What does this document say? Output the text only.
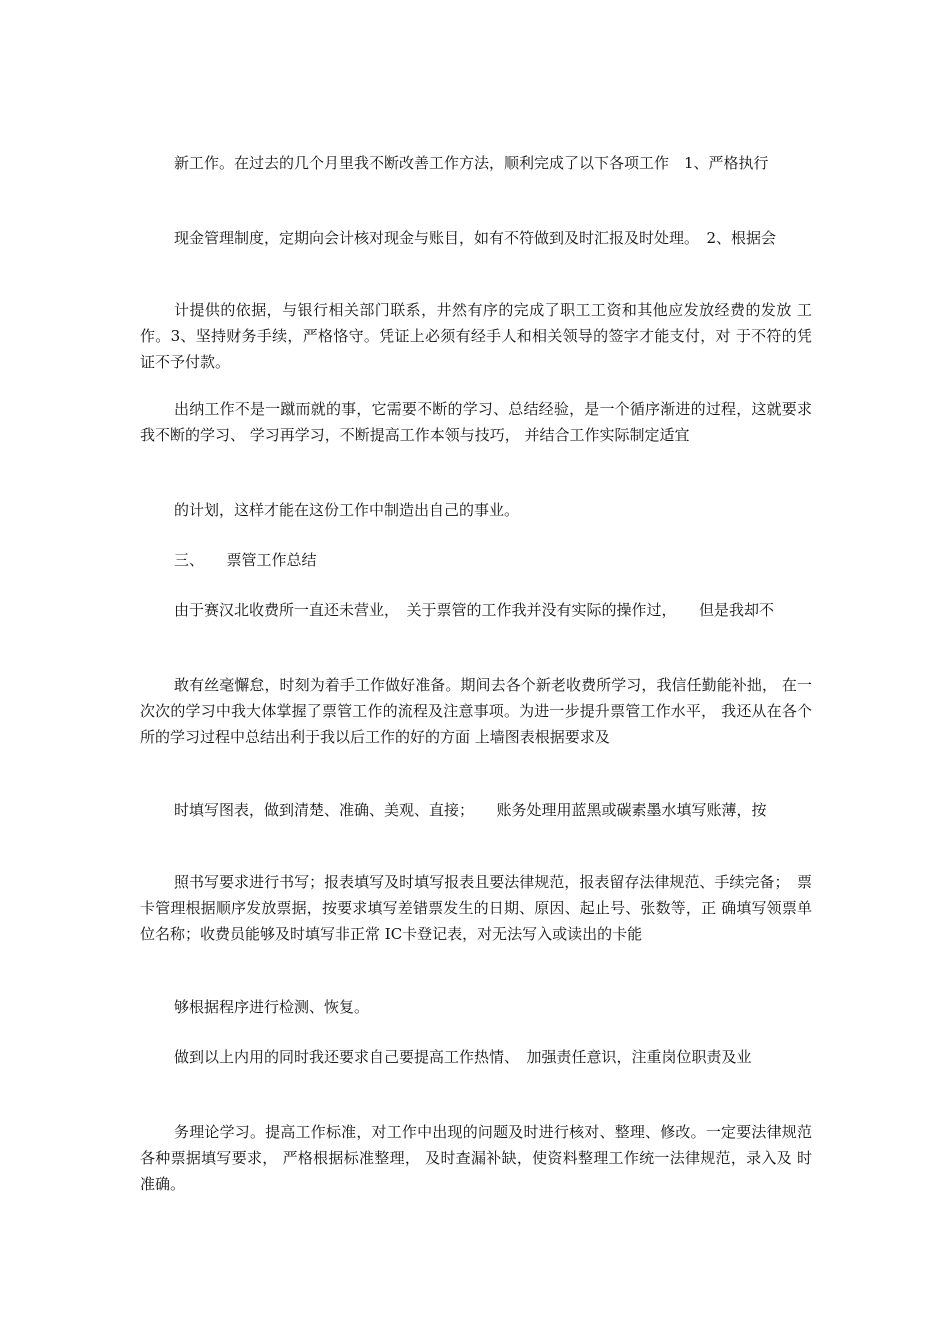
新工作。在过去的几个月里我不断改善工作方法，顺利完成了以下各项工作　1、严格执行

现金管理制度，定期向会计核对现金与账目，如有不符做到及时汇报及时处理。　2、根据会

计提供的依据，与银行相关部门联系，井然有序的完成了职工工资和其他应发放经费的发放 工作。3、坚持财务手续，严格恪守。凭证上必须有经手人和相关领导的签字才能支付，对 于不符的凭证不予付款。

出纳工作不是一蹴而就的事，它需要不断的学习、总结经验，是一个循序渐进的过程，这就要求我不断的学习、 学习再学习，不断提高工作本领与技巧， 并结合工作实际制定适宜

的计划，这样才能在这份工作中制造出自己的事业。

三、　　票管工作总结

由于赛汉北收费所一直还未营业，　关于票管的工作我并没有实际的操作过，　　但是我却不

敢有丝毫懈怠，时刻为着手工作做好准备。期间去各个新老收费所学习，我信任勤能补拙， 在一次次的学习中我大体掌握了票管工作的流程及注意事项。为进一步提升票管工作水平， 我还从在各个所的学习过程中总结出利于我以后工作的好的方面 上墙图表根据要求及

时填写图表，做到清楚、准确、美观、直接；　　账务处理用蓝黑或碳素墨水填写账薄，按

照书写要求进行书写；报表填写及时填写报表且要法律规范，报表留存法律规范、手续完备；　票卡管理根据顺序发放票据，按要求填写差错票发生的日期、原因、起止号、张数等，正 确填写领票单位名称；收费员能够及时填写非正常 IC卡登记表，对无法写入或读出的卡能

够根据程序进行检测、恢复。

做到以上内用的同时我还要求自己要提高工作热情、　加强责任意识，注重岗位职责及业

务理论学习。提高工作标准，对工作中出现的问题及时进行核对、整理、修改。一定要法律规范 各种票据填写要求， 严格根据标准整理， 及时查漏补缺，使资料整理工作统一法律规范，录入及 时准确。
